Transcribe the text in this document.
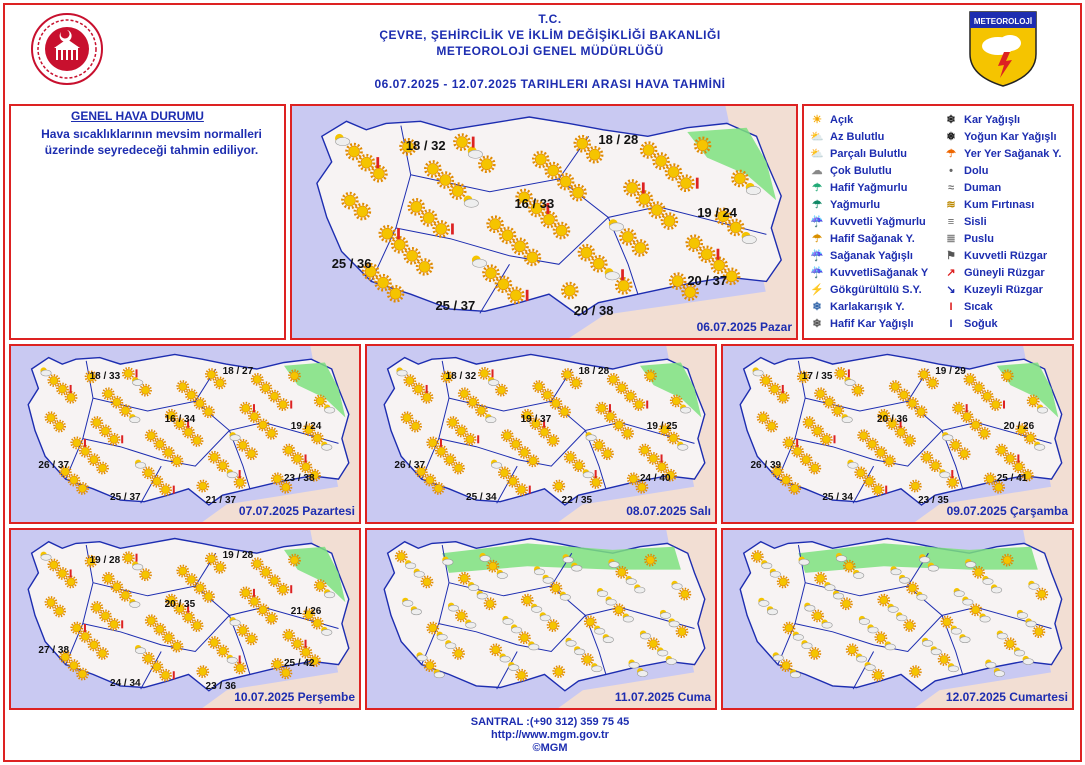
T.C.
ÇEVRE, ŞEHİRCİLİK VE İKLİM DEĞİŞİKLİĞİ BAKANLIĞI
METEOROLOJİ GENEL MÜDÜRLÜĞÜ
06.07.2025 - 12.07.2025 TARIHLERI ARASI HAVA TAHMİNİ
METEOROLOJİ
GENEL HAVA DURUMU
Hava sıcaklıklarının mevsim normalleri üzerinde seyredeceği tahmin ediliyor.	18 / 32	18 / 28
16 / 33
19 / 24
25 / 36
20 / 37
25 / 37	20 / 38
06.07.2025 Pazar
☀ Açık
⛅ Az Bulutlu
⛅ Parçalı Bulutlu
☁ Çok Bulutlu
☂ Hafif Yağmurlu
☂ Yağmurlu
☔ Kuvvetli Yağmurlu
☂ Hafif Sağanak Y.
☔ Sağanak Yağışlı
☔ KuvvetliSağanak Y
⚡ Gökgürültülü S.Y.
❄ Karlakarışık Y.
❄ Hafif Kar Yağışlı
❄ Kar Yağışlı
❅ Yoğun Kar Yağışlı
☂ Yer Yer Sağanak Y.
•	Dolu
≈ Duman
≋ Kum Fırtınası
≡ Sisli
≣ Puslu
⚑ Kuvvetli Rüzgar
↗ Güneyli Rüzgar
↘ Kuzeyli Rüzgar
I	Sıcak
I	Soğuk
18 / 33	18 / 27
16 / 34
19 / 24
26 / 37
23 / 38
25 / 37	21 / 37
07.07.2025 Pazartesi
18 / 32	18 / 28
19 / 37
19 / 25
26 / 37
24 / 40
25 / 34	22 / 35
08.07.2025 Salı
17 / 35	19 / 29
20 / 36
20 / 26
26 / 39
25 / 41
25 / 34	23 / 35
09.07.2025 Çarşamba
19 / 28	19 / 28
20 / 35
21 / 26
27 / 38
25 / 42
24 / 34	23 / 36
10.07.2025 Perşembe	11.07.2025 Cuma	12.07.2025 Cumartesi
SANTRAL :(+90 312) 359 75 45
http://www.mgm.gov.tr
©MGM
